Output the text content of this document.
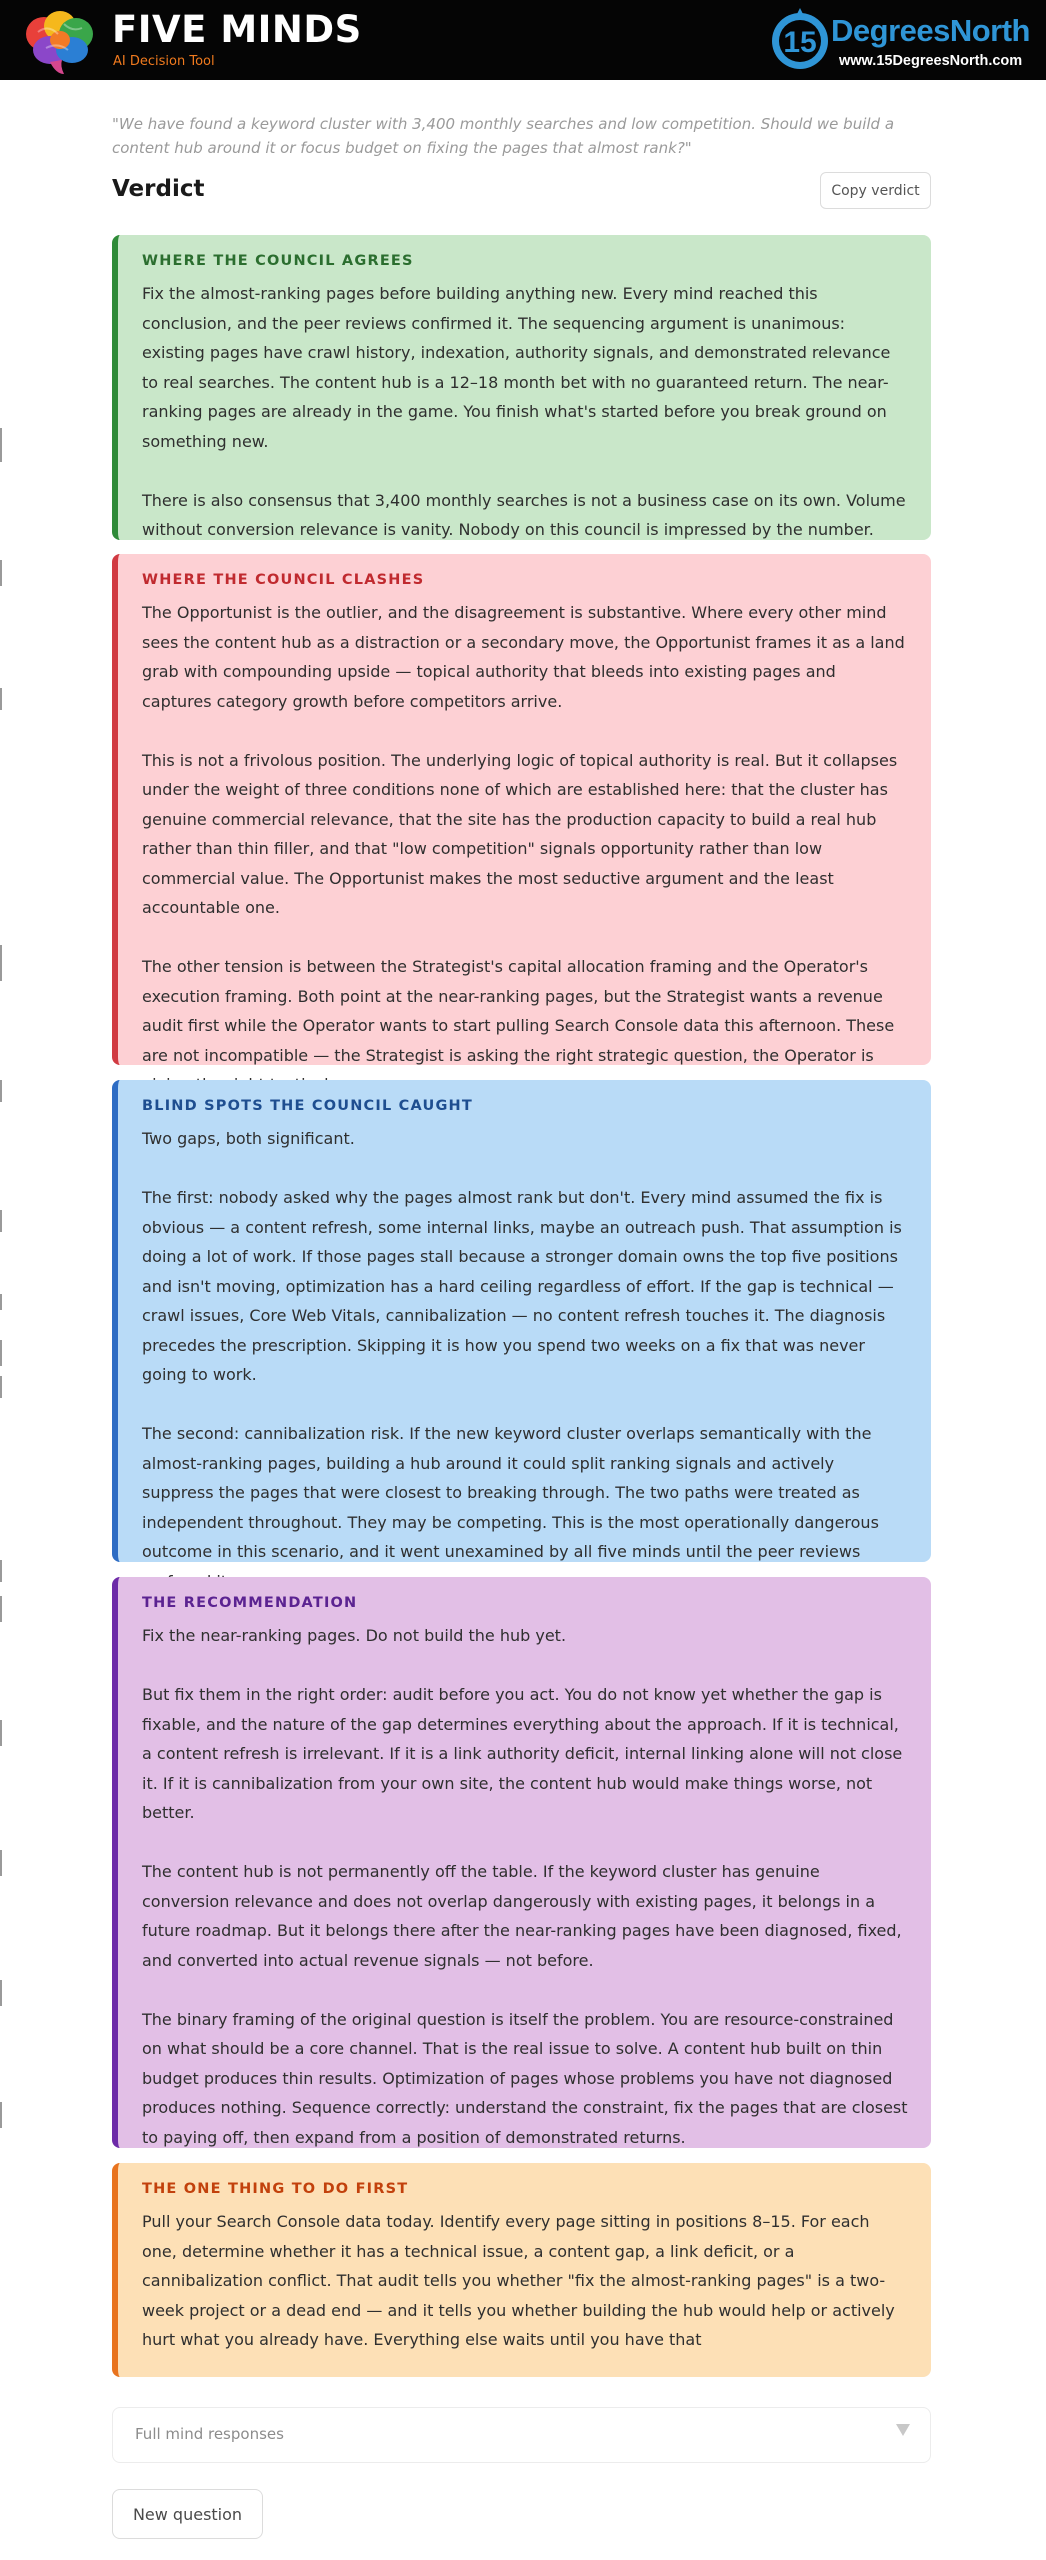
FIVE MINDS
AI Decision Tool
15 DegreesNorth
www.15DegreesNorth.com
"We have found a keyword cluster with 3,400 monthly searches and low competition. Should we build a content hub around it or focus budget on fixing the pages that almost rank?"
Verdict	Copy verdict
WHERE THE COUNCIL AGREES

Fix the almost-ranking pages before building anything new. Every mind reached this conclusion, and the peer reviews confirmed it. The sequencing argument is unanimous: existing pages have crawl history, indexation, authority signals, and demonstrated relevance to real searches. The content hub is a 12–18 month bet with no guaranteed return. The near-ranking pages are already in the game. You finish what's started before you break ground on something new.

There is also consensus that 3,400 monthly searches is not a business case on its own. Volume without conversion relevance is vanity. Nobody on this council is impressed by the number.

WHERE THE COUNCIL CLASHES

The Opportunist is the outlier, and the disagreement is substantive. Where every other mind sees the content hub as a distraction or a secondary move, the Opportunist frames it as a land grab with compounding upside — topical authority that bleeds into existing pages and captures category growth before competitors arrive.

This is not a frivolous position. The underlying logic of topical authority is real. But it collapses under the weight of three conditions none of which are established here: that the cluster has genuine commercial relevance, that the site has the production capacity to build a real hub rather than thin filler, and that "low competition" signals opportunity rather than low commercial value. The Opportunist makes the most seductive argument and the least accountable one.

The other tension is between the Strategist's capital allocation framing and the Operator's execution framing. Both point at the near-ranking pages, but the Strategist wants a revenue audit first while the Operator wants to start pulling Search Console data this afternoon. These are not incompatible — the Strategist is asking the right strategic question, the Operator is

BLIND SPOTS THE COUNCIL CAUGHT

Two gaps, both significant.

The first: nobody asked why the pages almost rank but don't. Every mind assumed the fix is obvious — a content refresh, some internal links, maybe an outreach push. That assumption is doing a lot of work. If those pages stall because a stronger domain owns the top five positions and isn't moving, optimization has a hard ceiling regardless of effort. If the gap is technical — crawl issues, Core Web Vitals, cannibalization — no content refresh touches it. The diagnosis precedes the prescription. Skipping it is how you spend two weeks on a fix that was never going to work.

The second: cannibalization risk. If the new keyword cluster overlaps semantically with the almost-ranking pages, building a hub around it could split ranking signals and actively suppress the pages that were closest to breaking through. The two paths were treated as independent throughout. They may be competing. This is the most operationally dangerous outcome in this scenario, and it went unexamined by all five minds until the peer reviews

THE RECOMMENDATION

Fix the near-ranking pages. Do not build the hub yet.

But fix them in the right order: audit before you act. You do not know yet whether the gap is fixable, and the nature of the gap determines everything about the approach. If it is technical, a content refresh is irrelevant. If it is a link authority deficit, internal linking alone will not close it. If it is cannibalization from your own site, the content hub would make things worse, not better.

The content hub is not permanently off the table. If the keyword cluster has genuine conversion relevance and does not overlap dangerously with existing pages, it belongs in a future roadmap. But it belongs there after the near-ranking pages have been diagnosed, fixed, and converted into actual revenue signals — not before.

The binary framing of the original question is itself the problem. You are resource-constrained on what should be a core channel. That is the real issue to solve. A content hub built on thin budget produces thin results. Optimization of pages whose problems you have not diagnosed produces nothing. Sequence correctly: understand the constraint, fix the pages that are closest to paying off, then expand from a position of demonstrated returns.

THE ONE THING TO DO FIRST

Pull your Search Console data today. Identify every page sitting in positions 8–15. For each one, determine whether it has a technical issue, a content gap, a link deficit, or a cannibalization conflict. That audit tells you whether "fix the almost-ranking pages" is a two-week project or a dead end — and it tells you whether building the hub would help or actively hurt what you already have. Everything else waits until you have that

Full mind responses
New question
